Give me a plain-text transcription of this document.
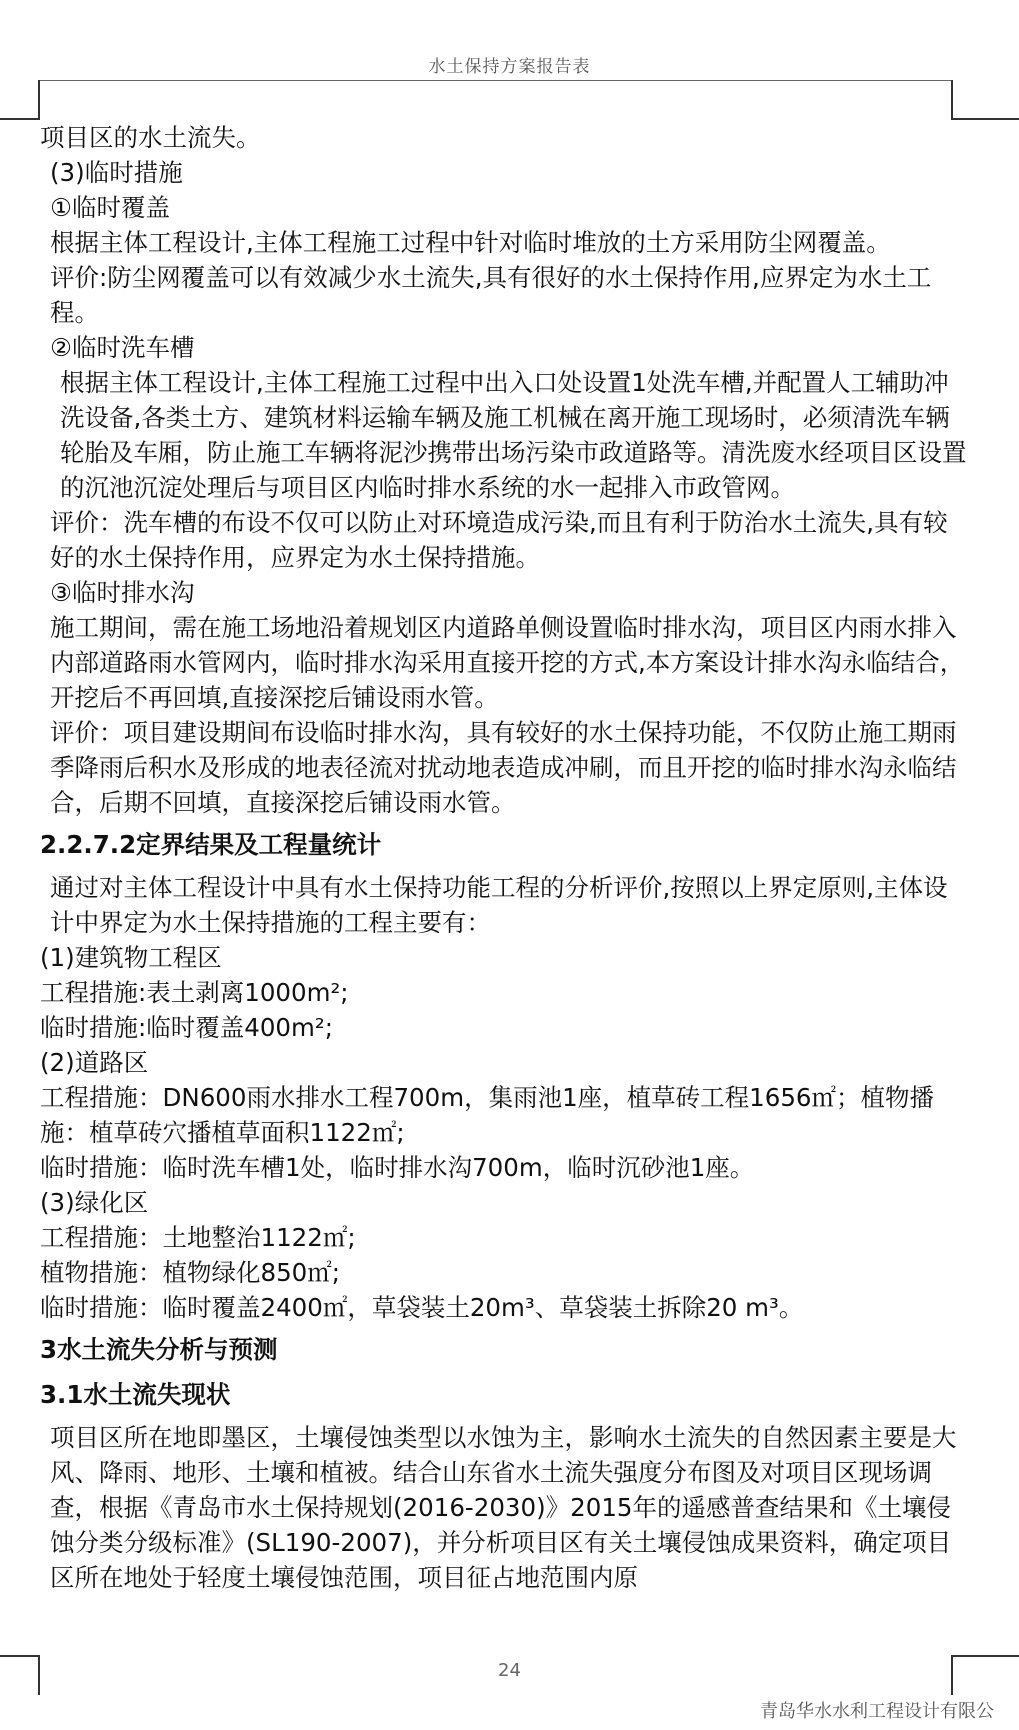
水土保持方案报告表

项目区的水土流失。

(3)临时措施

①临时覆盖

根据主体工程设计,主体工程施工过程中针对临时堆放的土方采用防尘网覆盖。

评价:防尘网覆盖可以有效减少水土流失,具有很好的水土保持作用,应界定为水土工程。

②临时洗车槽

根据主体工程设计,主体工程施工过程中出入口处设置1处洗车槽,并配置人工辅助冲洗设备,各类土方、建筑材料运输车辆及施工机械在离开施工现场时，必须清洗车辆轮胎及车厢，防止施工车辆将泥沙携带出场污染市政道路等。清洗废水经项目区设置的沉池沉淀处理后与项目区内临时排水系统的水一起排入市政管网。

评价：洗车槽的布设不仅可以防止对环境造成污染,而且有利于防治水土流失,具有较好的水土保持作用，应界定为水土保持措施。

③临时排水沟

施工期间，需在施工场地沿着规划区内道路单侧设置临时排水沟，项目区内雨水排入内部道路雨水管网内，临时排水沟采用直接开挖的方式,本方案设计排水沟永临结合，开挖后不再回填,直接深挖后铺设雨水管。

评价：项目建设期间布设临时排水沟，具有较好的水土保持功能，不仅防止施工期雨季降雨后积水及形成的地表径流对扰动地表造成冲刷，而且开挖的临时排水沟永临结合，后期不回填，直接深挖后铺设雨水管。

2.2.7.2定界结果及工程量统计

通过对主体工程设计中具有水土保持功能工程的分析评价,按照以上界定原则,主体设计中界定为水土保持措施的工程主要有：

(1)建筑物工程区

工程措施:表土剥离1000m²;

临时措施:临时覆盖400m²;

(2)道路区

工程措施：DN600雨水排水工程700m，集雨池1座，植草砖工程1656㎡；植物播施：植草砖穴播植草面积1122㎡;

临时措施：临时洗车槽1处，临时排水沟700m，临时沉砂池1座。

(3)绿化区

工程措施：土地整治1122㎡;

植物措施：植物绿化850㎡;

临时措施：临时覆盖2400㎡，草袋装土20m³、草袋装土拆除20 m³。

3水土流失分析与预测
3.1水土流失现状

项目区所在地即墨区，土壤侵蚀类型以水蚀为主，影响水土流失的自然因素主要是大风、降雨、地形、土壤和植被。结合山东省水土流失强度分布图及对项目区现场调查，根据《青岛市水土保持规划(2016-2030)》2015年的遥感普查结果和《土壤侵蚀分类分级标准》(SL190-2007)，并分析项目区有关土壤侵蚀成果资料，确定项目区所在地处于轻度土壤侵蚀范围，项目征占地范围内原

24
青岛华水水利工程设计有限公
